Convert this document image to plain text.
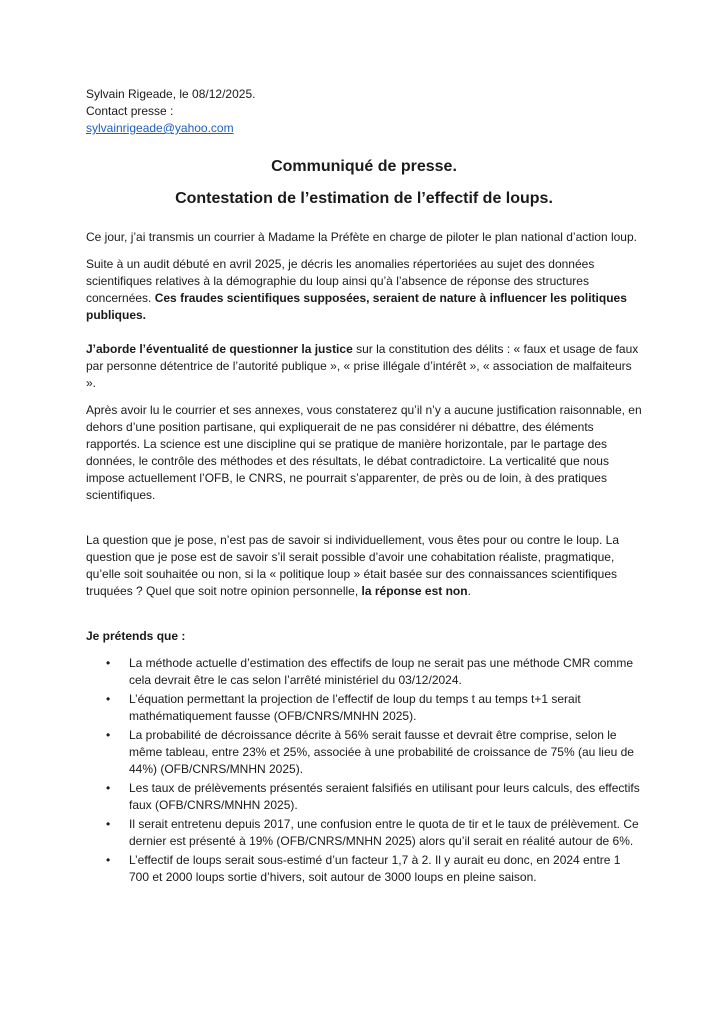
Sylvain Rigeade, le 08/12/2025.

Contact presse :

sylvainrigeade@yahoo.com

Communiqué de presse.
Contestation de l’estimation de l’effectif de loups.

Ce jour, j’ai transmis un courrier à Madame la Préfète en charge de piloter le plan national d’action loup.

Suite à un audit débuté en avril 2025, je décris les anomalies répertoriées au sujet des données scientifiques relatives à la démographie du loup ainsi qu’à l’absence de réponse des structures concernées. Ces fraudes scientifiques supposées, seraient de nature à influencer les politiques publiques.

J’aborde l’éventualité de questionner la justice sur la constitution des délits : « faux et usage de faux par personne détentrice de l’autorité publique », « prise illégale d’intérêt », « association de malfaiteurs ».

Après avoir lu le courrier et ses annexes, vous constaterez qu’il n’y a aucune justification raisonnable, en dehors d’une position partisane, qui expliquerait de ne pas considérer ni débattre, des éléments rapportés. La science est une discipline qui se pratique de manière horizontale, par le partage des données, le contrôle des méthodes et des résultats, le débat contradictoire. La verticalité que nous impose actuellement l’OFB, le CNRS, ne pourrait s’apparenter, de près ou de loin, à des pratiques scientifiques.

La question que je pose, n’est pas de savoir si individuellement, vous êtes pour ou contre le loup. La question que je pose est de savoir s’il serait possible d’avoir une cohabitation réaliste, pragmatique, qu’elle soit souhaitée ou non, si la « politique loup » était basée sur des connaissances scientifiques truquées ? Quel que soit notre opinion personnelle, la réponse est non.

Je prétends que :

• La méthode actuelle d’estimation des effectifs de loup ne serait pas une méthode CMR comme cela devrait être le cas selon l’arrêté ministériel du 03/12/2024.
• L’équation permettant la projection de l’effectif de loup du temps t au temps t+1 serait mathématiquement fausse (OFB/CNRS/MNHN 2025).
• La probabilité de décroissance décrite à 56% serait fausse et devrait être comprise, selon le même tableau, entre 23% et 25%, associée à une probabilité de croissance de 75% (au lieu de 44%) (OFB/CNRS/MNHN 2025).
• Les taux de prélèvements présentés seraient falsifiés en utilisant pour leurs calculs, des effectifs faux (OFB/CNRS/MNHN 2025).
• Il serait entretenu depuis 2017, une confusion entre le quota de tir et le taux de prélèvement. Ce dernier est présenté à 19% (OFB/CNRS/MNHN 2025) alors qu’il serait en réalité autour de 6%.
• L’effectif de loups serait sous-estimé d’un facteur 1,7 à 2. Il y aurait eu donc, en 2024 entre 1 700 et 2000 loups sortie d’hivers, soit autour de 3000 loups en pleine saison.
